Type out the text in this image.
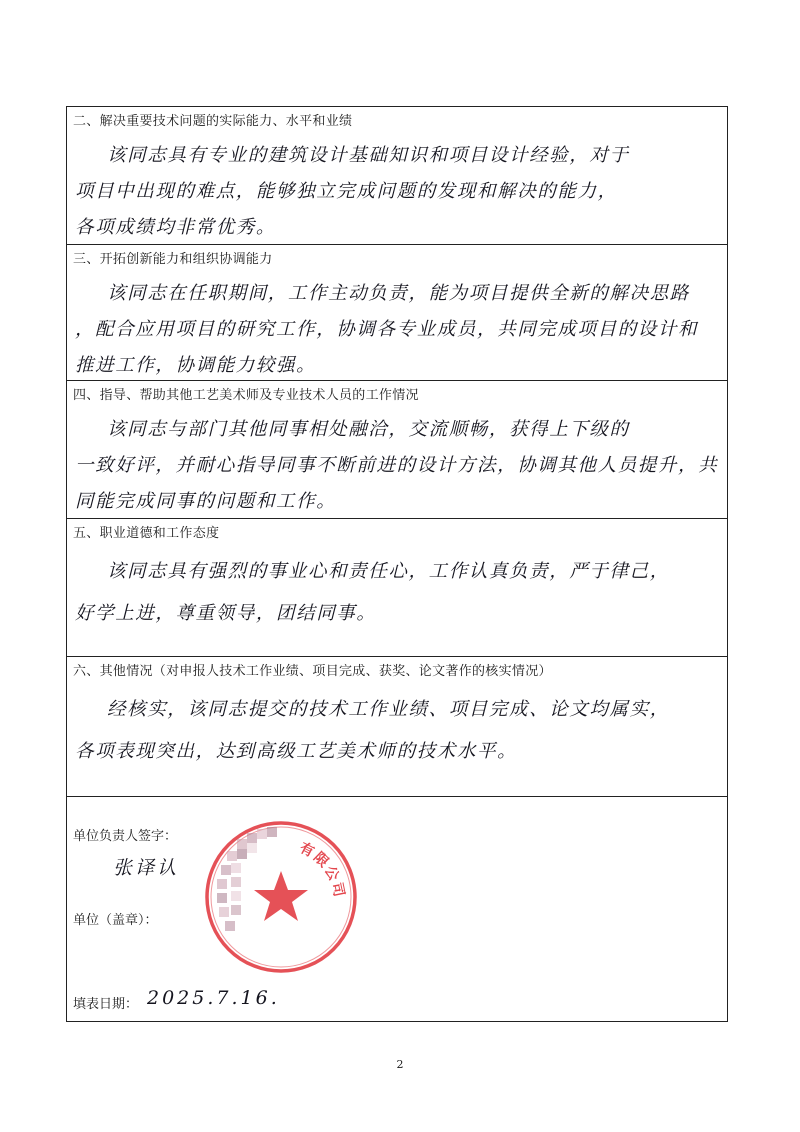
二、解决重要技术问题的实际能力、水平和业绩
该同志具有专业的建筑设计基础知识和项目设计经验，对于
项目中出现的难点，能够独立完成问题的发现和解决的能力，
各项成绩均非常优秀。
三、开拓创新能力和组织协调能力
该同志在任职期间，工作主动负责，能为项目提供全新的解决思路
，配合应用项目的研究工作，协调各专业成员，共同完成项目的设计和
推进工作，协调能力较强。
四、指导、帮助其他工艺美术师及专业技术人员的工作情况
该同志与部门其他同事相处融洽，交流顺畅，获得上下级的
一致好评，并耐心指导同事不断前进的设计方法，协调其他人员提升，共
同能完成同事的问题和工作。
五、职业道德和工作态度
该同志具有强烈的事业心和责任心，工作认真负责，严于律己，
好学上进，尊重领导，团结同事。
六、其他情况（对申报人技术工作业绩、项目完成、获奖、论文著作的核实情况）
经核实，该同志提交的技术工作业绩、项目完成、论文均属实，
各项表现突出，达到高级工艺美术师的技术水平。
单位负责人签字：
张译认
单位（盖章）：
填表日期： 2025.7.16.
有限公司
2
